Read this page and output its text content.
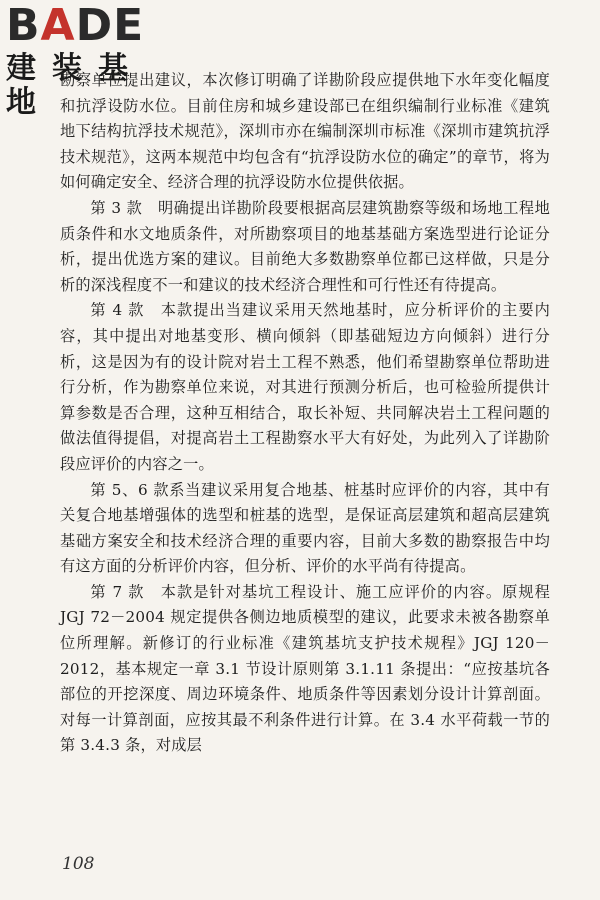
BADE
建装基地

勘察单位提出建议，本次修订明确了详勘阶段应提供地下水年变化幅度和抗浮设防水位。目前住房和城乡建设部已在组织编制行业标准《建筑地下结构抗浮技术规范》，深圳市亦在编制深圳市标准《深圳市建筑抗浮技术规范》，这两本规范中均包含有“抗浮设防水位的确定”的章节，将为如何确定安全、经济合理的抗浮设防水位提供依据。

第 3 款　明确提出详勘阶段要根据高层建筑勘察等级和场地工程地质条件和水文地质条件，对所勘察项目的地基基础方案选型进行论证分析，提出优选方案的建议。目前绝大多数勘察单位都已这样做，只是分析的深浅程度不一和建议的技术经济合理性和可行性还有待提高。

第 4 款　本款提出当建议采用天然地基时，应分析评价的主要内容，其中提出对地基变形、横向倾斜（即基础短边方向倾斜）进行分析，这是因为有的设计院对岩土工程不熟悉，他们希望勘察单位帮助进行分析，作为勘察单位来说，对其进行预测分析后，也可检验所提供计算参数是否合理，这种互相结合，取长补短、共同解决岩土工程问题的做法值得提倡，对提高岩土工程勘察水平大有好处，为此列入了详勘阶段应评价的内容之一。

第 5、6 款系当建议采用复合地基、桩基时应评价的内容，其中有关复合地基增强体的选型和桩基的选型，是保证高层建筑和超高层建筑基础方案安全和技术经济合理的重要内容，目前大多数的勘察报告中均有这方面的分析评价内容，但分析、评价的水平尚有待提高。

第 7 款　本款是针对基坑工程设计、施工应评价的内容。原规程 JGJ 72－2004 规定提供各侧边地质模型的建议，此要求未被各勘察单位所理解。新修订的行业标准《建筑基坑支护技术规程》JGJ 120－2012，基本规定一章 3.1 节设计原则第 3.1.11 条提出：“应按基坑各部位的开挖深度、周边环境条件、地质条件等因素划分设计计算剖面。对每一计算剖面，应按其最不利条件进行计算。在 3.4 水平荷载一节的第 3.4.3 条，对成层

108
